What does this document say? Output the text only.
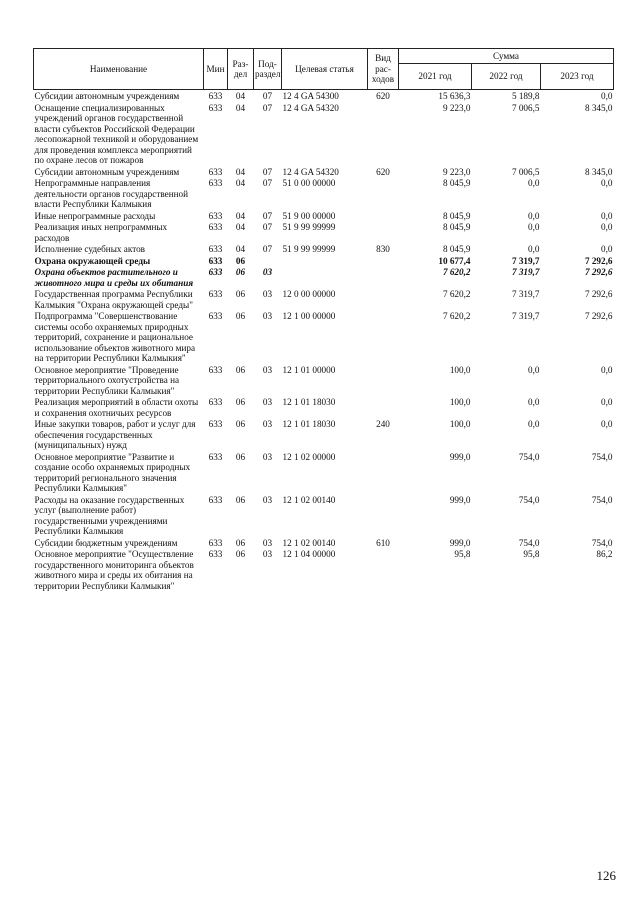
Наименование	Мин	Раз-дел	Под-раздел	Целевая статья	Вид рас-ходов	Сумма		
						2021 год	2022 год	2023 год
Субсидии автономным учреждениям	633	04	07	12 4 GA 54300	620	15 636,3	5 189,8	0,0
Оснащение специализированных учреждений органов государственной власти субъектов Российской Федерации лесопожарной техникой и оборудованием для проведения комплекса мероприятий по охране лесов от пожаров	633	04	07	12 4 GA 54320		9 223,0	7 006,5	8 345,0
Субсидии автономным учреждениям	633	04	07	12 4 GA 54320	620	9 223,0	7 006,5	8 345,0
Непрограммные направления деятельности органов государственной власти Республики Калмыкия	633	04	07	51 0 00 00000		8 045,9	0,0	0,0
Иные непрограммные расходы	633	04	07	51 9 00 00000		8 045,9	0,0	0,0
Реализация иных непрограммных расходов	633	04	07	51 9 99 99999		8 045,9	0,0	0,0
Исполнение судебных актов	633	04	07	51 9 99 99999	830	8 045,9	0,0	0,0
Охрана окружающей среды	633	06				10 677,4	7 319,7	7 292,6
Охрана объектов растительного и животного мира и среды их обитания	633	06	03			7 620,2	7 319,7	7 292,6
Государственная программа Республики Калмыкия "Охрана окружающей среды"	633	06	03	12 0 00 00000		7 620,2	7 319,7	7 292,6
Подпрограмма "Совершенствование системы особо охраняемых природных территорий, сохранение и рациональное использование объектов животного мира на территории Республики Калмыкия"	633	06	03	12 1 00 00000		7 620,2	7 319,7	7 292,6
Основное мероприятие "Проведение территориального охотустройства на территории Республики Калмыкия"	633	06	03	12 1 01 00000		100,0	0,0	0,0
Реализация мероприятий в области охоты и сохранения охотничьих ресурсов	633	06	03	12 1 01 18030		100,0	0,0	0,0
Иные закупки товаров, работ и услуг для обеспечения государственных (муниципальных) нужд	633	06	03	12 1 01 18030	240	100,0	0,0	0,0
Основное мероприятие "Развитие и создание особо охраняемых природных территорий регионального значения Республики Калмыкия"	633	06	03	12 1 02 00000		999,0	754,0	754,0
Расходы на оказание государственных услуг (выполнение работ) государственными учреждениями Республики Калмыкия	633	06	03	12 1 02 00140		999,0	754,0	754,0
Субсидии бюджетным учреждениям	633	06	03	12 1 02 00140	610	999,0	754,0	754,0
Основное мероприятие "Осуществление государственного мониторинга объектов животного мира и среды их обитания на территории Республики Калмыкия"	633	06	03	12 1 04 00000		95,8	95,8	86,2
126
